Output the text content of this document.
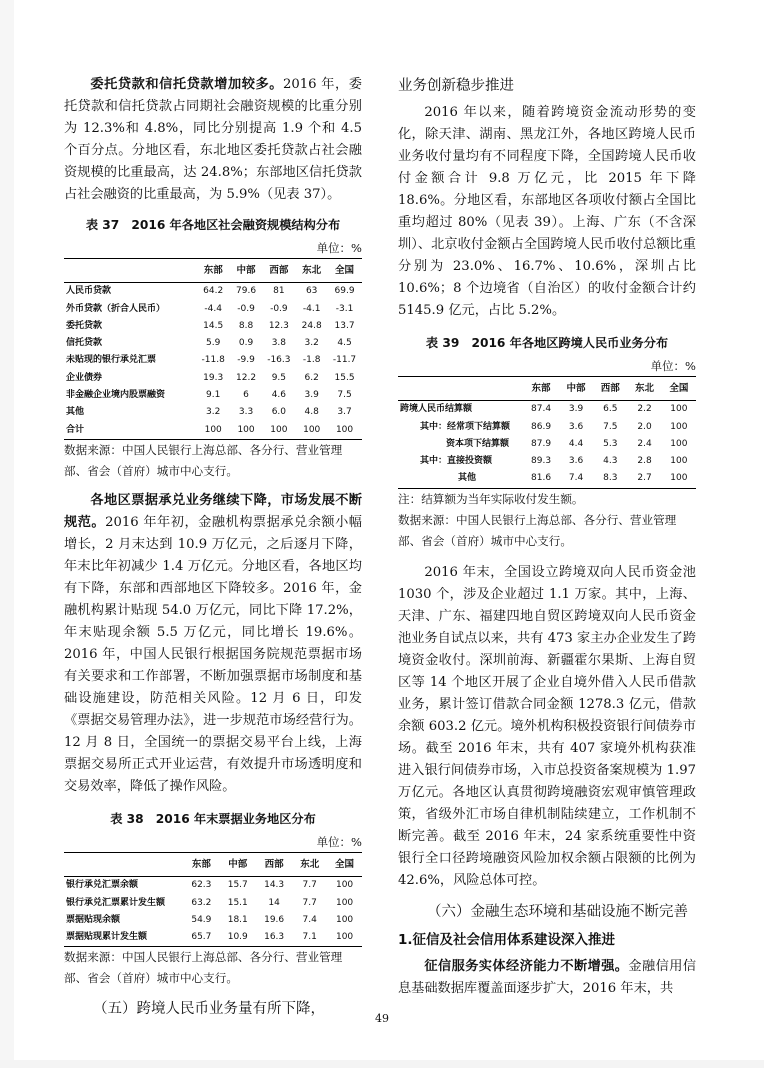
委托贷款和信托贷款增加较多。2016 年，委托贷款和信托贷款占同期社会融资规模的比重分别为 12.3%和 4.8%，同比分别提高 1.9 个和 4.5 个百分点。分地区看，东北地区委托贷款占社会融资规模的比重最高，达 24.8%；东部地区信托贷款占社会融资的比重最高，为 5.9%（见表 37）。

表 37　2016 年各地区社会融资规模结构分布
单位：%
	东部	中部	西部	东北	全国
人民币贷款	64.2	79.6	81	63	69.9
外币贷款（折合人民币）	-4.4	-0.9	-0.9	-4.1	-3.1
委托贷款	14.5	8.8	12.3	24.8	13.7
信托贷款	5.9	0.9	3.8	3.2	4.5
未贴现的银行承兑汇票	-11.8	-9.9	-16.3	-1.8	-11.7
企业债券	19.3	12.2	9.5	6.2	15.5
非金融企业境内股票融资	9.1	6	4.6	3.9	7.5
其他	3.2	3.3	6.0	4.8	3.7
合计	100	100	100	100	100

数据来源：中国人民银行上海总部、各分行、营业管理部、省会（首府）城市中心支行。

各地区票据承兑业务继续下降，市场发展不断规范。2016 年年初，金融机构票据承兑余额小幅增长，2 月末达到 10.9 万亿元，之后逐月下降，年末比年初减少 1.4 万亿元。分地区看，各地区均有下降，东部和西部地区下降较多。2016 年，金融机构累计贴现 54.0 万亿元，同比下降 17.2%，年末贴现余额 5.5 万亿元，同比增长 19.6%。2016 年，中国人民银行根据国务院规范票据市场有关要求和工作部署，不断加强票据市场制度和基础设施建设，防范相关风险。12 月 6 日，印发《票据交易管理办法》，进一步规范市场经营行为。12 月 8 日，全国统一的票据交易平台上线，上海票据交易所正式开业运营，有效提升市场透明度和交易效率，降低了操作风险。

表 38　2016 年末票据业务地区分布
单位：%
	东部	中部	西部	东北	全国
银行承兑汇票余额	62.3	15.7	14.3	7.7	100
银行承兑汇票累计发生额	63.2	15.1	14	7.7	100
票据贴现余额	54.9	18.1	19.6	7.4	100
票据贴现累计发生额	65.7	10.9	16.3	7.1	100

数据来源：中国人民银行上海总部、各分行、营业管理部、省会（首府）城市中心支行。

（五）跨境人民币业务量有所下降，

业务创新稳步推进

2016 年以来，随着跨境资金流动形势的变化，除天津、湖南、黑龙江外，各地区跨境人民币业务收付量均有不同程度下降，全国跨境人民币收付金额合计 9.8 万亿元，比 2015 年下降 18.6%。分地区看，东部地区各项收付额占全国比重均超过 80%（见表 39）。上海、广东（不含深圳）、北京收付金额占全国跨境人民币收付总额比重分别为 23.0%、16.7%、10.6%，深圳占比 10.6%；8 个边境省（自治区）的收付金额合计约 5145.9 亿元，占比 5.2%。

表 39　2016 年各地区跨境人民币业务分布
单位：%
	东部	中部	西部	东北	全国
跨境人民币结算额	87.4	3.9	6.5	2.2	100
其中：经常项下结算额	86.9	3.6	7.5	2.0	100
资本项下结算额	87.9	4.4	5.3	2.4	100
其中：直接投资额	89.3	3.6	4.3	2.8	100
其他	81.6	7.4	8.3	2.7	100

注：结算额为当年实际收付发生额。

数据来源：中国人民银行上海总部、各分行、营业管理部、省会（首府）城市中心支行。

2016 年末，全国设立跨境双向人民币资金池 1030 个，涉及企业超过 1.1 万家。其中，上海、天津、广东、福建四地自贸区跨境双向人民币资金池业务自试点以来，共有 473 家主办企业发生了跨境资金收付。深圳前海、新疆霍尔果斯、上海自贸区等 14 个地区开展了企业自境外借入人民币借款业务，累计签订借款合同金额 1278.3 亿元，借款余额 603.2 亿元。境外机构积极投资银行间债券市场。截至 2016 年末，共有 407 家境外机构获准进入银行间债券市场，入市总投资备案规模为 1.97 万亿元。各地区认真贯彻跨境融资宏观审慎管理政策，省级外汇市场自律机制陆续建立，工作机制不断完善。截至 2016 年末，24 家系统重要性中资银行全口径跨境融资风险加权余额占限额的比例为 42.6%，风险总体可控。

（六）金融生态环境和基础设施不断完善

1.征信及社会信用体系建设深入推进

征信服务实体经济能力不断增强。金融信用信息基础数据库覆盖面逐步扩大，2016 年末，共

49
